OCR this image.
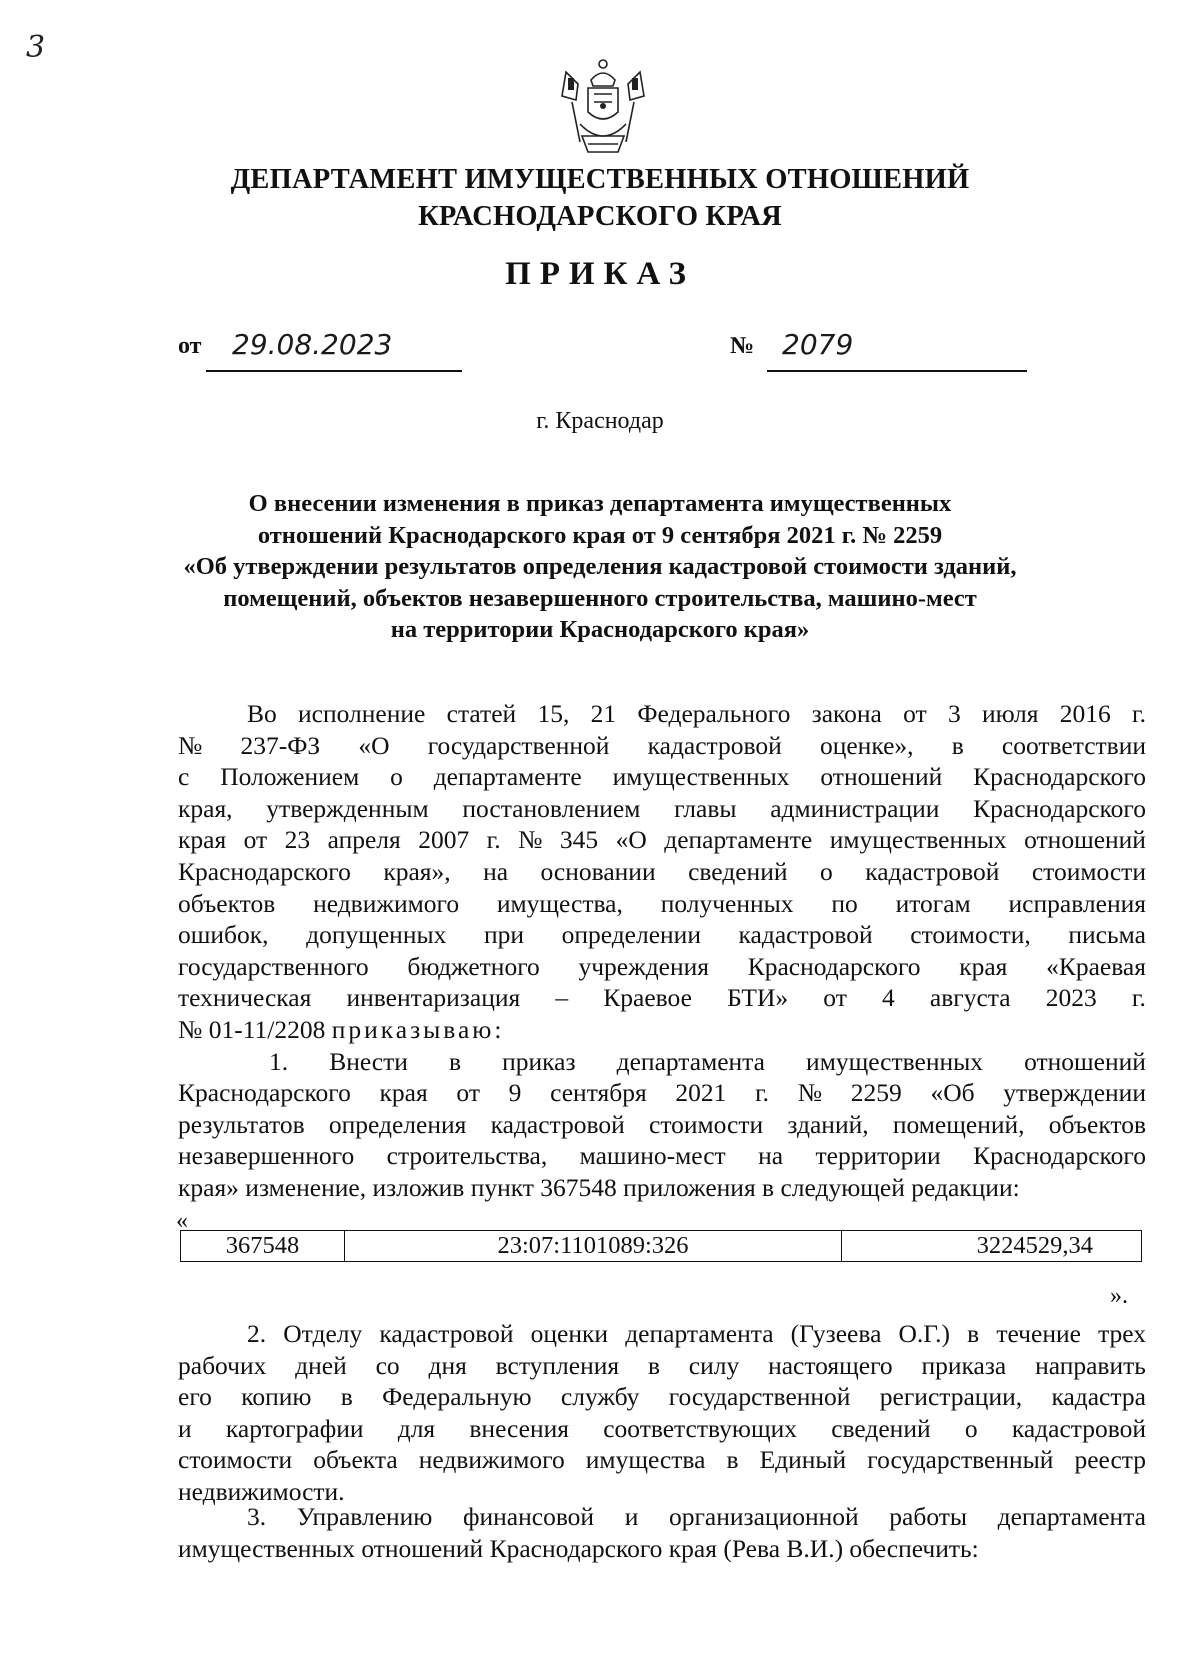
3
ДЕПАРТАМЕНТ ИМУЩЕСТВЕННЫХ ОТНОШЕНИЙ
КРАСНОДАРСКОГО КРАЯ
ПРИКАЗ
от 29.08.2023	№ 2079
г. Краснодар
О внесении изменения в приказ департамента имущественных
отношений Краснодарского края от 9 сентября 2021 г. № 2259
«Об утверждении результатов определения кадастровой стоимости зданий,
помещений, объектов незавершенного строительства, машино-мест
на территории Краснодарского края»
Во исполнение статей 15, 21 Федерального закона от 3 июля 2016 г.
№ 237-ФЗ «О государственной кадастровой оценке», в соответствии
с Положением о департаменте имущественных отношений Краснодарского
края, утвержденным постановлением главы администрации Краснодарского
края от 23 апреля 2007 г. № 345 «О департаменте имущественных отношений
Краснодарского края», на основании сведений о кадастровой стоимости
объектов недвижимого имущества, полученных по итогам исправления
ошибок, допущенных при определении кадастровой стоимости, письма
государственного бюджетного учреждения Краснодарского края «Краевая
техническая инвентаризация – Краевое БТИ» от 4 августа 2023 г.
№ 01-11/2208 приказываю:
1. Внести в приказ департамента имущественных отношений
Краснодарского края от 9 сентября 2021 г. № 2259 «Об утверждении
результатов определения кадастровой стоимости зданий, помещений, объектов
незавершенного строительства, машино-мест на территории Краснодарского
края» изменение, изложив пункт 367548 приложения в следующей редакции:
«
367548	23:07:1101089:326	3224529,34
».
2. Отделу кадастровой оценки департамента (Гузеева О.Г.) в течение трех
рабочих дней со дня вступления в силу настоящего приказа направить
его копию в Федеральную службу государственной регистрации, кадастра
и картографии для внесения соответствующих сведений о кадастровой
стоимости объекта недвижимого имущества в Единый государственный реестр
недвижимости.
3. Управлению финансовой и организационной работы департамента
имущественных отношений Краснодарского края (Рева В.И.) обеспечить:
